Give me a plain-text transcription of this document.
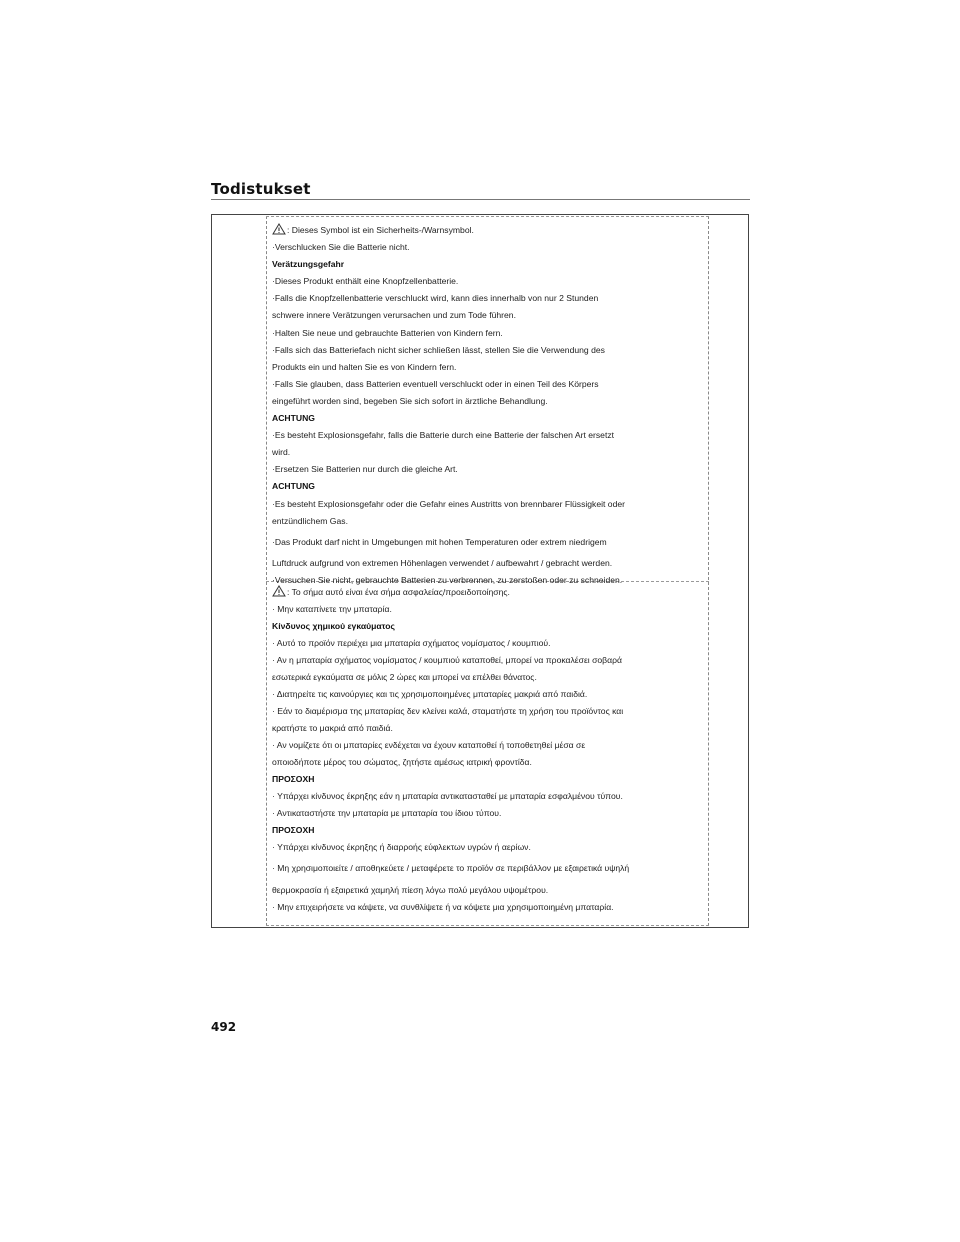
Todistukset
: Dieses Symbol ist ein Sicherheits-/Warnsymbol.
·Verschlucken Sie die Batterie nicht.
Verätzungsgefahr
·Dieses Produkt enthält eine Knopfzellenbatterie.
·Falls die Knopfzellenbatterie verschluckt wird, kann dies innerhalb von nur 2 Stunden
schwere innere Verätzungen verursachen und zum Tode führen.
·Halten Sie neue und gebrauchte Batterien von Kindern fern.
·Falls sich das Batteriefach nicht sicher schließen lässt, stellen Sie die Verwendung des
Produkts ein und halten Sie es von Kindern fern.
·Falls Sie glauben, dass Batterien eventuell verschluckt oder in einen Teil des Körpers
eingeführt worden sind, begeben Sie sich sofort in ärztliche Behandlung.
ACHTUNG
·Es besteht Explosionsgefahr, falls die Batterie durch eine Batterie der falschen Art ersetzt
wird.
·Ersetzen Sie Batterien nur durch die gleiche Art.
ACHTUNG
·Es besteht Explosionsgefahr oder die Gefahr eines Austritts von brennbarer Flüssigkeit oder
entzündlichem Gas.
·Das Produkt darf nicht in Umgebungen mit hohen Temperaturen oder extrem niedrigem
Luftdruck aufgrund von extremen Höhenlagen verwendet / aufbewahrt / gebracht werden.
·Versuchen Sie nicht, gebrauchte Batterien zu verbrennen, zu zerstoßen oder zu schneiden.
: Το σήμα αυτό είναι ένα σήμα ασφαλείας/προειδοποίησης.
· Μην καταπίνετε την μπαταρία.
Κίνδυνος χημικού εγκαύματος
· Αυτό το προϊόν περιέχει μια μπαταρία σχήματος νομίσματος / κουμπιού.
· Αν η μπαταρία σχήματος νομίσματος / κουμπιού καταποθεί, μπορεί να προκαλέσει σοβαρά
εσωτερικά εγκαύματα σε μόλις 2 ώρες και μπορεί να επέλθει θάνατος.
· Διατηρείτε τις καινούργιες και τις χρησιμοποιημένες μπαταρίες μακριά από παιδιά.
· Εάν το διαμέρισμα της μπαταρίας δεν κλείνει καλά, σταματήστε τη χρήση του προϊόντος και
κρατήστε το μακριά από παιδιά.
· Αν νομίζετε ότι οι μπαταρίες ενδέχεται να έχουν καταποθεί ή τοποθετηθεί μέσα σε
οποιοδήποτε μέρος του σώματος, ζητήστε αμέσως ιατρική φροντίδα.
ΠΡΟΣΟΧΗ
· Υπάρχει κίνδυνος έκρηξης εάν η μπαταρία αντικατασταθεί με μπαταρία εσφαλμένου τύπου.
· Αντικαταστήστε την μπαταρία με μπαταρία του ίδιου τύπου.
ΠΡΟΣΟΧΗ
· Υπάρχει κίνδυνος έκρηξης ή διαρροής εύφλεκτων υγρών ή αερίων.
· Μη χρησιμοποιείτε / αποθηκεύετε / μεταφέρετε το προϊόν σε περιβάλλον με εξαιρετικά υψηλή
θερμοκρασία ή εξαιρετικά χαμηλή πίεση λόγω πολύ μεγάλου υψομέτρου.
· Μην επιχειρήσετε να κάψετε, να συνθλίψετε ή να κόψετε μια χρησιμοποιημένη μπαταρία.
492
